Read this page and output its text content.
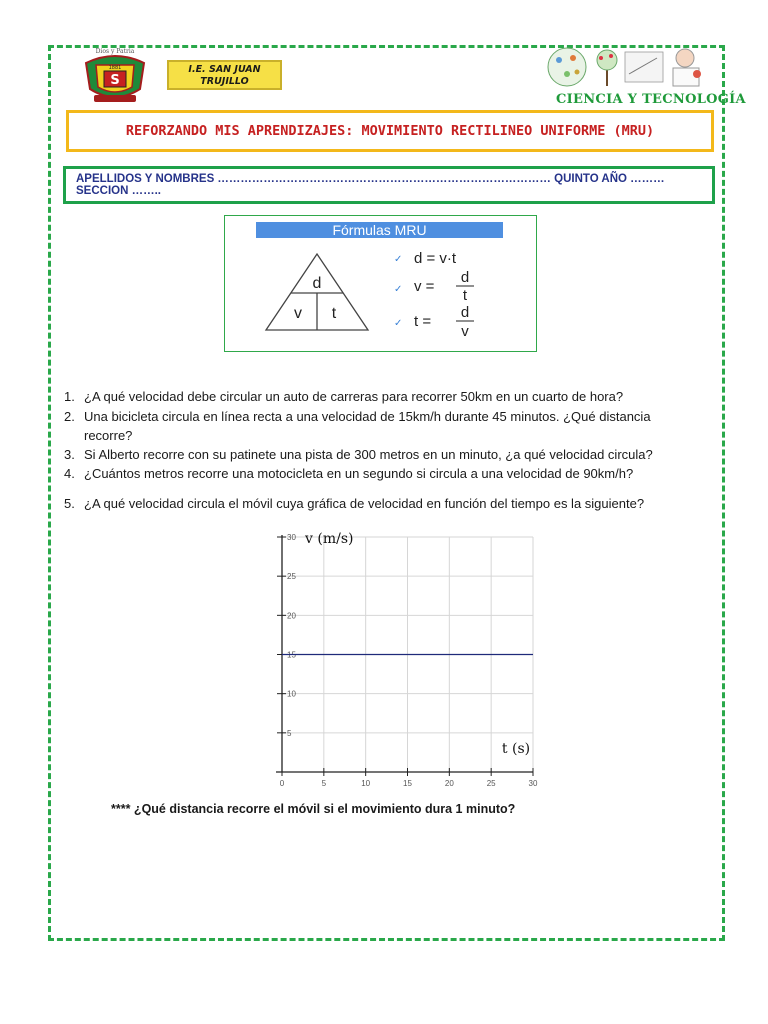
S
1881
Dios y Patria
I.E. SAN JUAN
TRUJILLO
CIENCIA Y TECNOLOGÍA
REFORZANDO MIS APRENDIZAJES: MOVIMIENTO RECTILINEO UNIFORME (MRU)
APELLIDOS Y NOMBRES …………………………………………………………………………… QUINTO AÑO ……… SECCION ……..
Fórmulas MRU
d
v t
✓ d = v·t
✓ v =
d
t
✓ t =
d
v
1. ¿A qué velocidad debe circular un auto de carreras para recorrer 50km en un cuarto de hora?
2. Una bicicleta circula en línea recta a una velocidad de 15km/h durante 45 minutos. ¿Qué distancia
recorre?
3. Si Alberto recorre con su patinete una pista de 300 metros en un minuto, ¿a qué velocidad circula?
4. ¿Cuántos metros recorre una motocicleta en un segundo si circula a una velocidad de 90km/h?
5. ¿A qué velocidad circula el móvil cuya gráfica de velocidad en función del tiempo es la siguiente?
5
10
15
20
25
30
0	5	10	15	20	25	30
v (m/s)
t (s)
**** ¿Qué distancia recorre el móvil si el movimiento dura 1 minuto?
